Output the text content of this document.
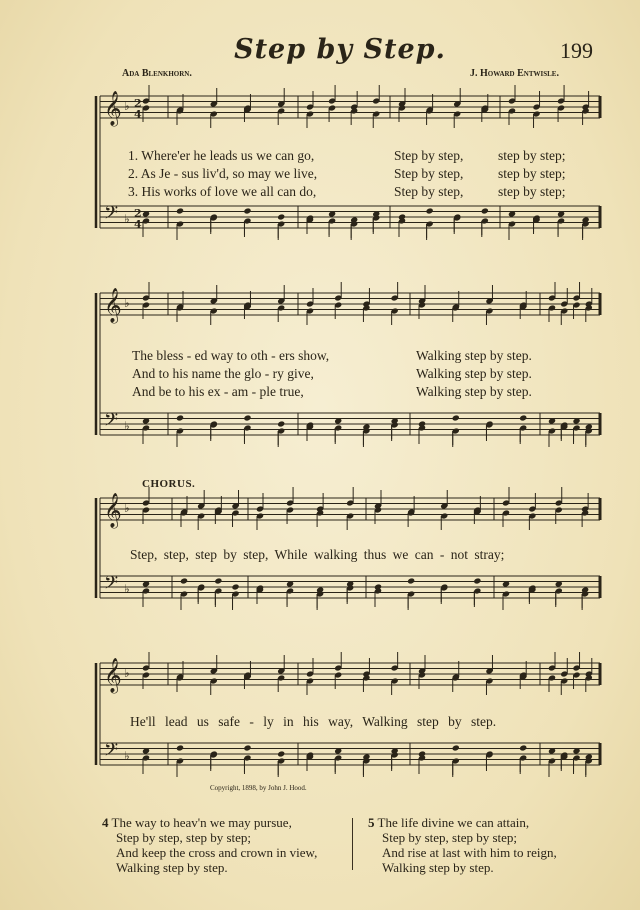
Step by Step.	199
Ada Blenkhorn.	J. Howard Entwisle.
𝄞 ♭ 2
4
𝄢 ♭ 2
4
1. Where'er he leads us we can go,	Step by step,	step by step;
2. As Je - sus liv'd, so may we live,	Step by step,	step by step;
3. His works of love we all can do,	Step by step,	step by step;
𝄞 ♭
𝄢 ♭
The bless - ed way to oth - ers show,	Walking step by step.
And to his name the glo - ry give,	Walking step by step.
And be to his ex - am - ple true,	Walking step by step.
CHORUS.
𝄞 ♭
𝄢 ♭
Step, step, step by step, While walking thus we can - not stray;
𝄞 ♭
𝄢 ♭
He'll lead us safe - ly in his way, Walking step by step.
Copyright, 1898, by John J. Hood.
4 The way to heav'n we may pursue,
Step by step, step by step;
And keep the cross and crown in view,
Walking step by step.
5 The life divine we can attain,
Step by step, step by step;
And rise at last with him to reign,
Walking step by step.
